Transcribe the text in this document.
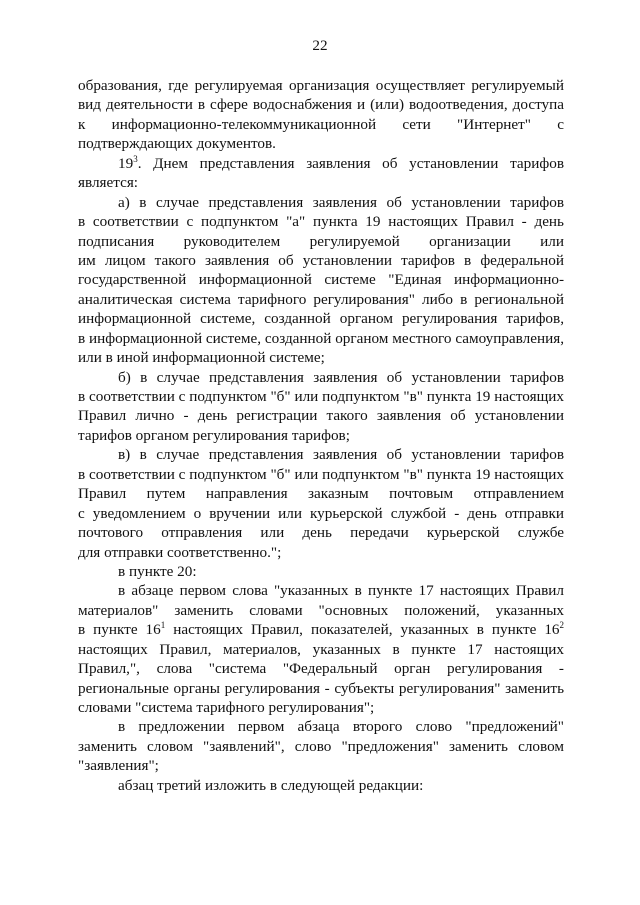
22
образования, где регулируемая организация осуществляет регулируемый
вид деятельности в сфере водоснабжения и (или) водоотведения, доступа
к информационно-телекоммуникационной сети "Интернет" с
подтверждающих документов.
$19^3$. Днем представления заявления об установлении тарифов
является:
а) в случае представления заявления об установлении тарифов
в соответствии с подпунктом "а" пункта 19 настоящих Правил - день
подписания руководителем регулируемой организации или
им лицом такого заявления об установлении тарифов в федеральной
государственной информационной системе "Единая информационно-
аналитическая система тарифного регулирования" либо в региональной
информационной системе, созданной органом регулирования тарифов,
в информационной системе, созданной органом местного самоуправления,
или в иной информационной системе;
б) в случае представления заявления об установлении тарифов
в соответствии с подпунктом "б" или подпунктом "в" пункта 19 настоящих
Правил лично - день регистрации такого заявления об установлении
тарифов органом регулирования тарифов;
в) в случае представления заявления об установлении тарифов
в соответствии с подпунктом "б" или подпунктом "в" пункта 19 настоящих
Правил путем направления заказным почтовым отправлением
с уведомлением о вручении или курьерской службой - день отправки
почтового отправления или день передачи курьерской службе
для отправки соответственно.";
в пункте 20:
в абзаце первом слова "указанных в пункте 17 настоящих Правил
материалов" заменить словами "основных положений, указанных
в пункте $16^1$ настоящих Правил, показателей, указанных в пункте $16^2$
настоящих Правил, материалов, указанных в пункте 17 настоящих
Правил,", слова "система "Федеральный орган регулирования -
региональные органы регулирования - субъекты регулирования" заменить
словами "система тарифного регулирования";
в предложении первом абзаца второго слово "предложений"
заменить словом "заявлений", слово "предложения" заменить словом
"заявления";
абзац третий изложить в следующей редакции:
